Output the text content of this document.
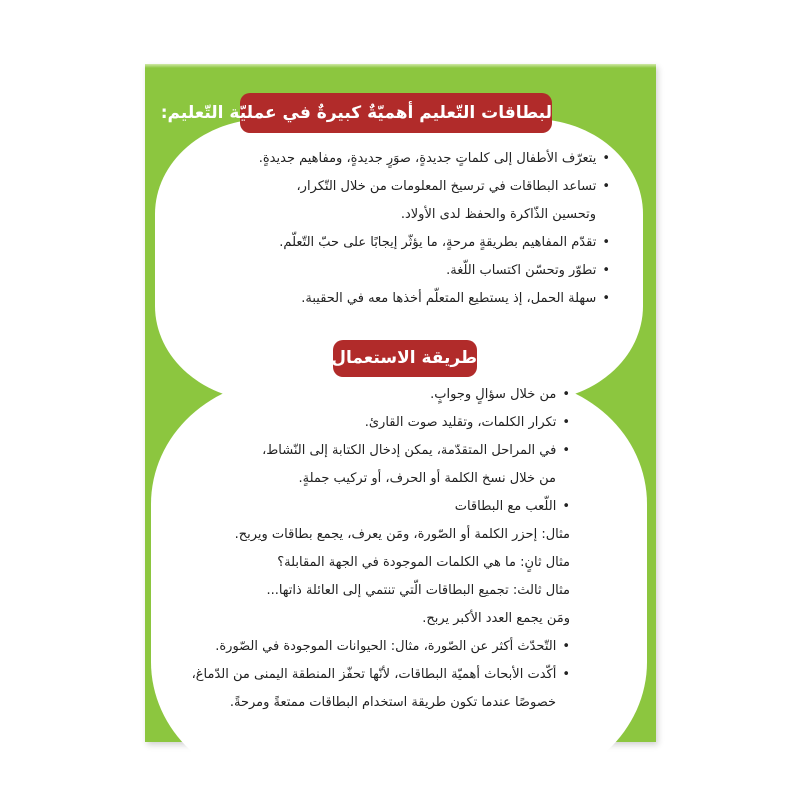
لبطاقات التّعليم أهميّةٌ كبيرةٌ في عمليّة التّعليم:
• يتعرّف الأطفال إلى كلماتٍ جديدةٍ، صوَرٍ جديدةٍ، ومفاهيم جديدةٍ.
• تساعد البطاقات في ترسيخ المعلومات من خلال التّكرار،
وتحسين الذّاكرة والحفظ لدى الأولاد.
• تقدّم المفاهيم بطريقةٍ مرحةٍ، ما يؤثّر إيجابًا على حبّ التّعلّم.
• تطوّر وتحسّن اكتساب اللّغة.
• سهلة الحمل، إذ يستطيع المتعلّم أخذها معه في الحقيبة.
طريقة الاستعمال
• من خلال سؤالٍ وجوابٍ.
• تكرار الكلمات، وتقليد صوت القارئ.
• في المراحل المتقدّمة، يمكن إدخال الكتابة إلى النّشاط،
من خلال نسخ الكلمة أو الحرف، أو تركيب جملةٍ.
• اللّعب مع البطاقات
مثال: إحزر الكلمة أو الصّورة، ومَن يعرف، يجمع بطاقات ويربح.
مثال ثانٍ: ما هي الكلمات الموجودة في الجهة المقابلة؟
مثال ثالث: تجميع البطاقات الّتي تنتمي إلى العائلة ذاتها...
ومَن يجمع العدد الأكبر يربح.
• التّحدّث أكثر عن الصّورة، مثال: الحيوانات الموجودة في الصّورة.
• أكّدت الأبحاث أهميّة البطاقات، لأنّها تحفّز المنطقة اليمنى من الدّماغ،
خصوصًا عندما تكون طريقة استخدام البطاقات ممتعةً ومرحةً.
